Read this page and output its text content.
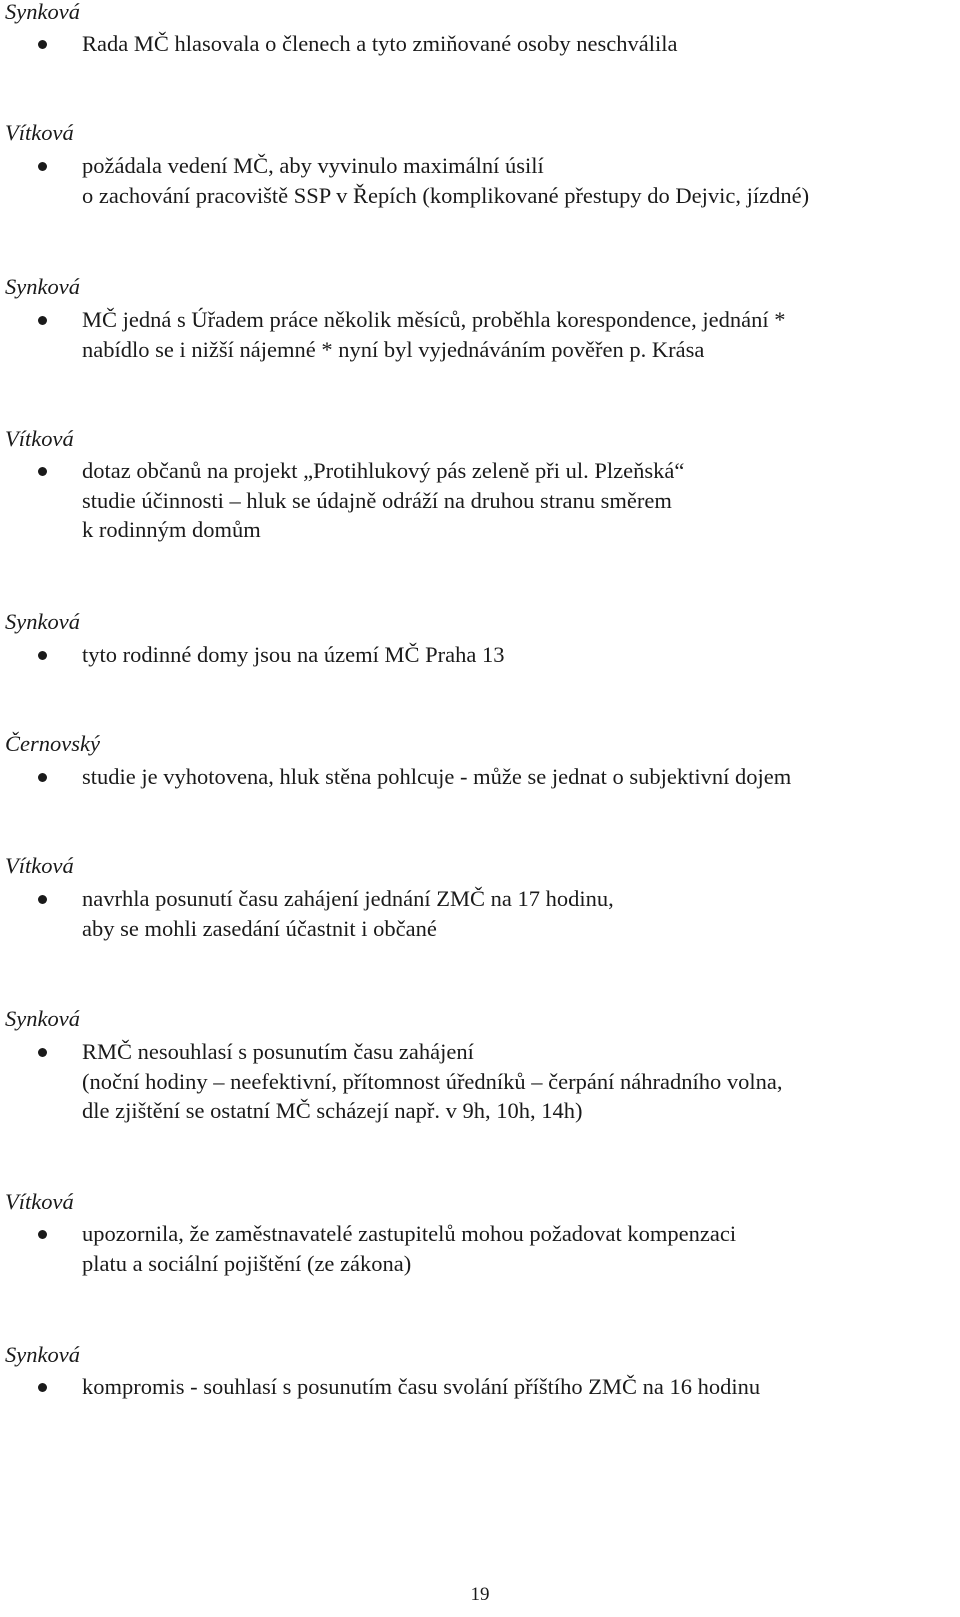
Synková
Rada MČ hlasovala o členech a tyto zmiňované osoby neschválila
Vítková
požádala vedení MČ, aby vyvinulo maximální úsilí
o zachování pracoviště SSP v Řepích (komplikované přestupy do Dejvic, jízdné)
Synková
MČ jedná s Úřadem práce několik měsíců, proběhla korespondence, jednání *
nabídlo se i nižší nájemné * nyní byl vyjednáváním pověřen p. Krása
Vítková
dotaz občanů na projekt „Protihlukový pás zeleně při ul. Plzeňská“
studie účinnosti – hluk se údajně odráží na druhou stranu směrem
k rodinným domům
Synková
tyto rodinné domy jsou na území MČ Praha 13
Černovský
studie je vyhotovena, hluk stěna pohlcuje - může se jednat o subjektivní dojem
Vítková
navrhla posunutí času zahájení jednání ZMČ na 17 hodinu,
aby se mohli zasedání účastnit i občané
Synková
RMČ nesouhlasí s posunutím času zahájení
(noční hodiny – neefektivní, přítomnost úředníků – čerpání náhradního volna,
dle zjištění se ostatní MČ scházejí např. v 9h, 10h, 14h)
Vítková
upozornila, že zaměstnavatelé zastupitelů mohou požadovat kompenzaci
platu a sociální pojištění (ze zákona)
Synková
kompromis - souhlasí s posunutím času svolání příštího ZMČ na 16 hodinu
19
